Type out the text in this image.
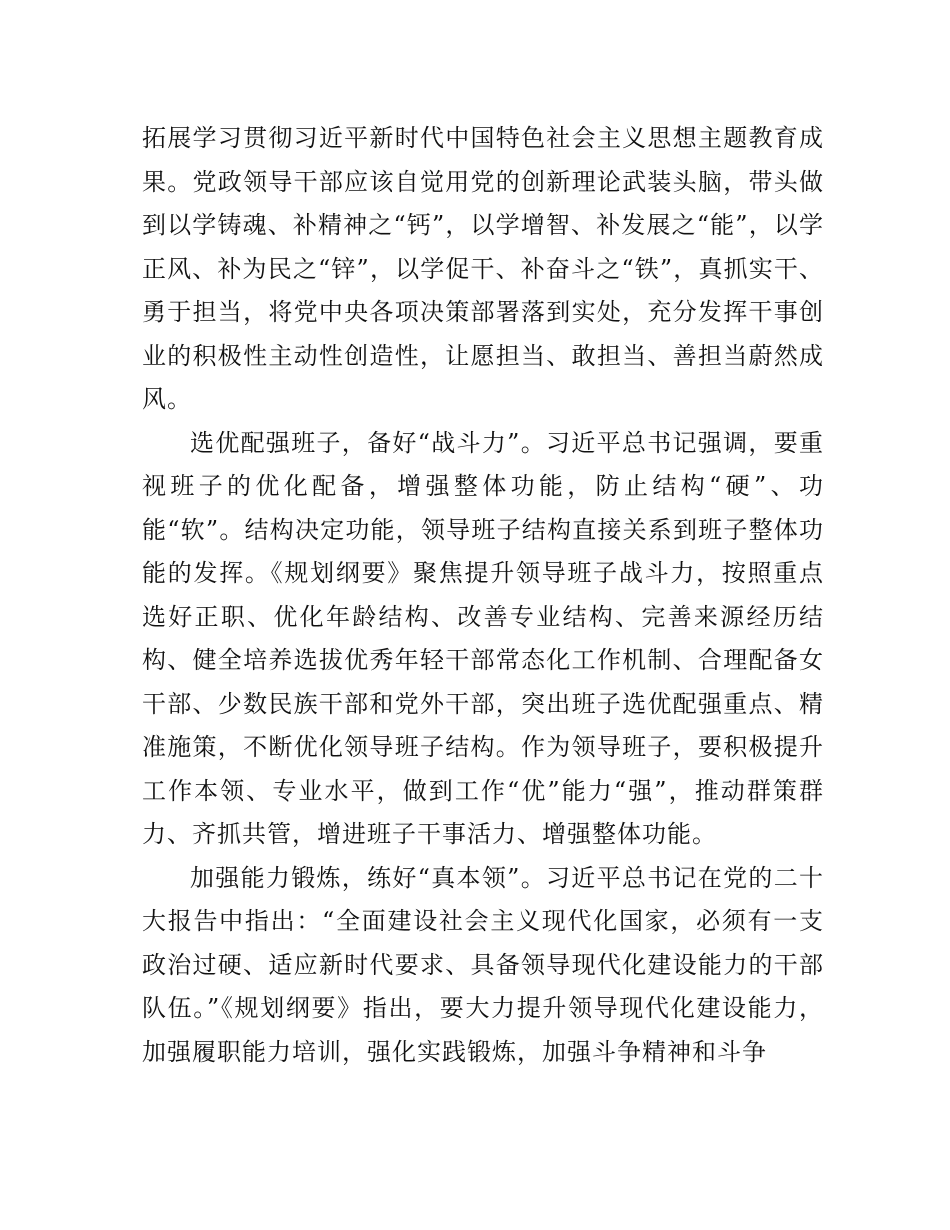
拓展学习贯彻习近平新时代中国特色社会主义思想主题教育成果。党政领导干部应该自觉用党的创新理论武装头脑，带头做到以学铸魂、补精神之“钙”，以学增智、补发展之“能”，以学正风、补为民之“锌”，以学促干、补奋斗之“铁”，真抓实干、勇于担当，将党中央各项决策部署落到实处，充分发挥干事创业的积极性主动性创造性，让愿担当、敢担当、善担当蔚然成风。

选优配强班子，备好“战斗力”。习近平总书记强调，要重视班子的优化配备，增强整体功能，防止结构“硬”、功能“软”。结构决定功能，领导班子结构直接关系到班子整体功能的发挥。《规划纲要》聚焦提升领导班子战斗力，按照重点选好正职、优化年龄结构、改善专业结构、完善来源经历结构、健全培养选拔优秀年轻干部常态化工作机制、合理配备女干部、少数民族干部和党外干部，突出班子选优配强重点、精准施策，不断优化领导班子结构。作为领导班子，要积极提升工作本领、专业水平，做到工作“优”能力“强”，推动群策群力、齐抓共管，增进班子干事活力、增强整体功能。

加强能力锻炼，练好“真本领”。习近平总书记在党的二十大报告中指出：“全面建设社会主义现代化国家，必须有一支政治过硬、适应新时代要求、具备领导现代化建设能力的干部队伍。”《规划纲要》指出，要大力提升领导现代化建设能力，加强履职能力培训，强化实践锻炼，加强斗争精神和斗争
